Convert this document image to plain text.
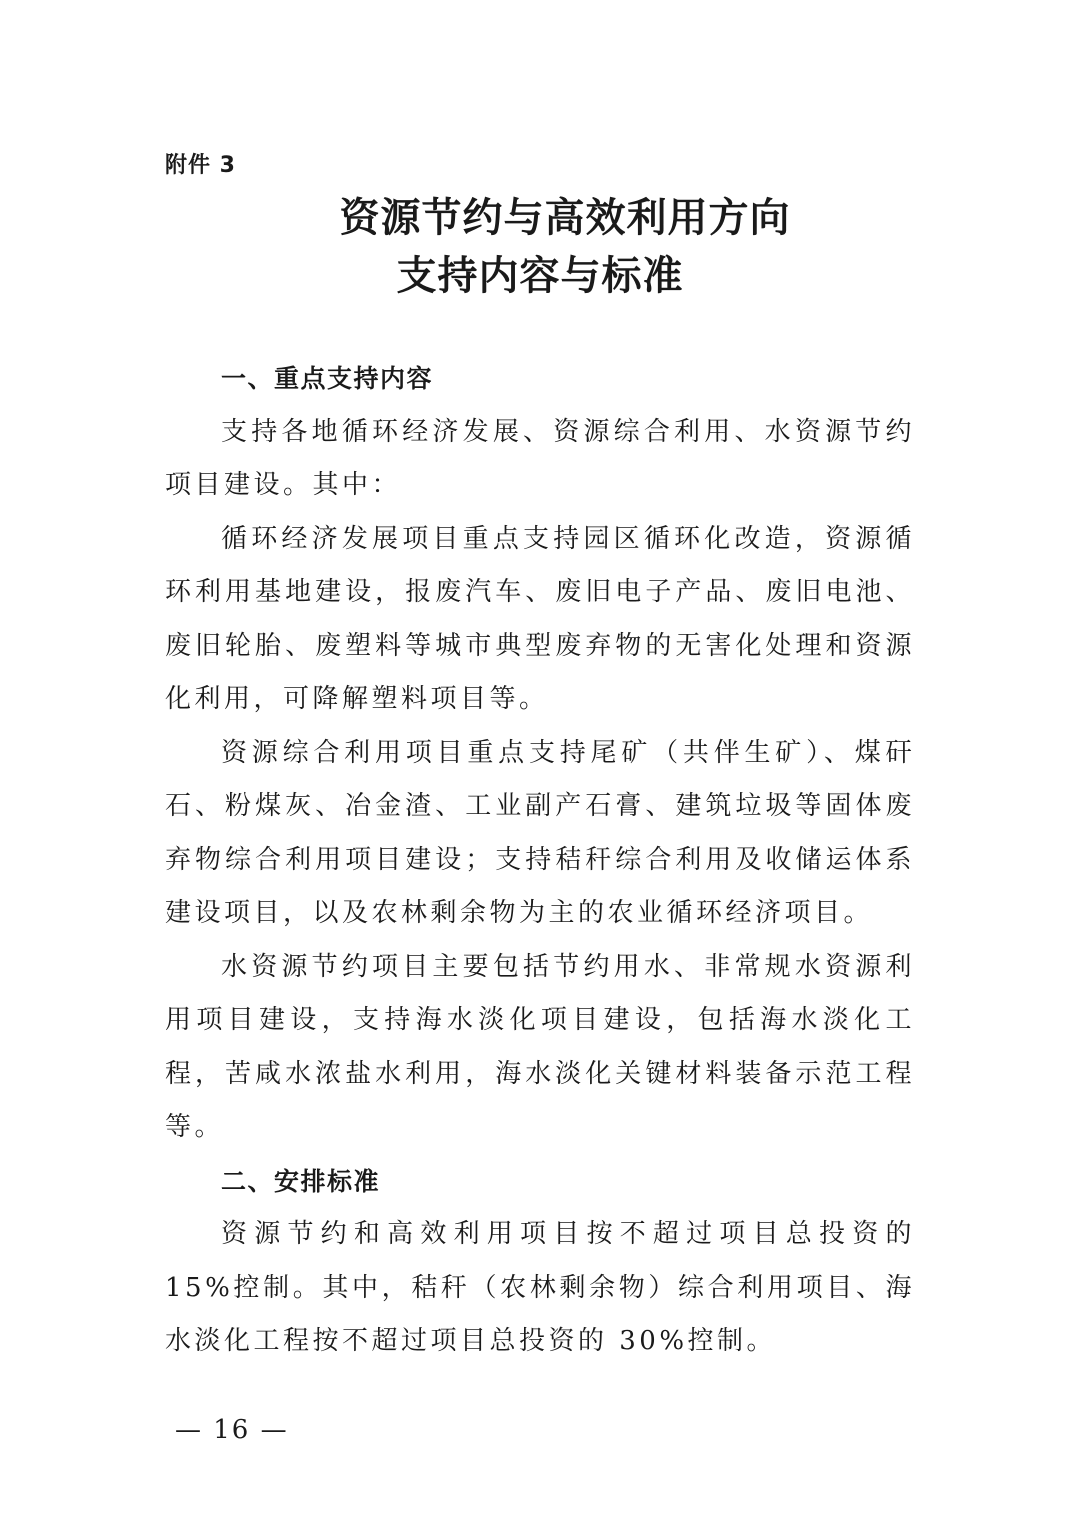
附件 3
资源节约与高效利用方向
支持内容与标准
一、重点支持内容

支持各地循环经济发展、资源综合利用、水资源节约项目建设。其中：

循环经济发展项目重点支持园区循环化改造，资源循环利用基地建设，报废汽车、废旧电子产品、废旧电池、废旧轮胎、废塑料等城市典型废弃物的无害化处理和资源化利用，可降解塑料项目等。

资源综合利用项目重点支持尾矿（共伴生矿）、煤矸石、粉煤灰、冶金渣、工业副产石膏、建筑垃圾等固体废弃物综合利用项目建设；支持秸秆综合利用及收储运体系建设项目，以及农林剩余物为主的农业循环经济项目。

水资源节约项目主要包括节约用水、非常规水资源利用项目建设，支持海水淡化项目建设，包括海水淡化工程，苦咸水浓盐水利用，海水淡化关键材料装备示范工程等。

二、安排标准

资源节约和高效利用项目按不超过项目总投资的 15%控制。其中，秸秆（农林剩余物）综合利用项目、海水淡化工程按不超过项目总投资的 30%控制。

— 16 —
